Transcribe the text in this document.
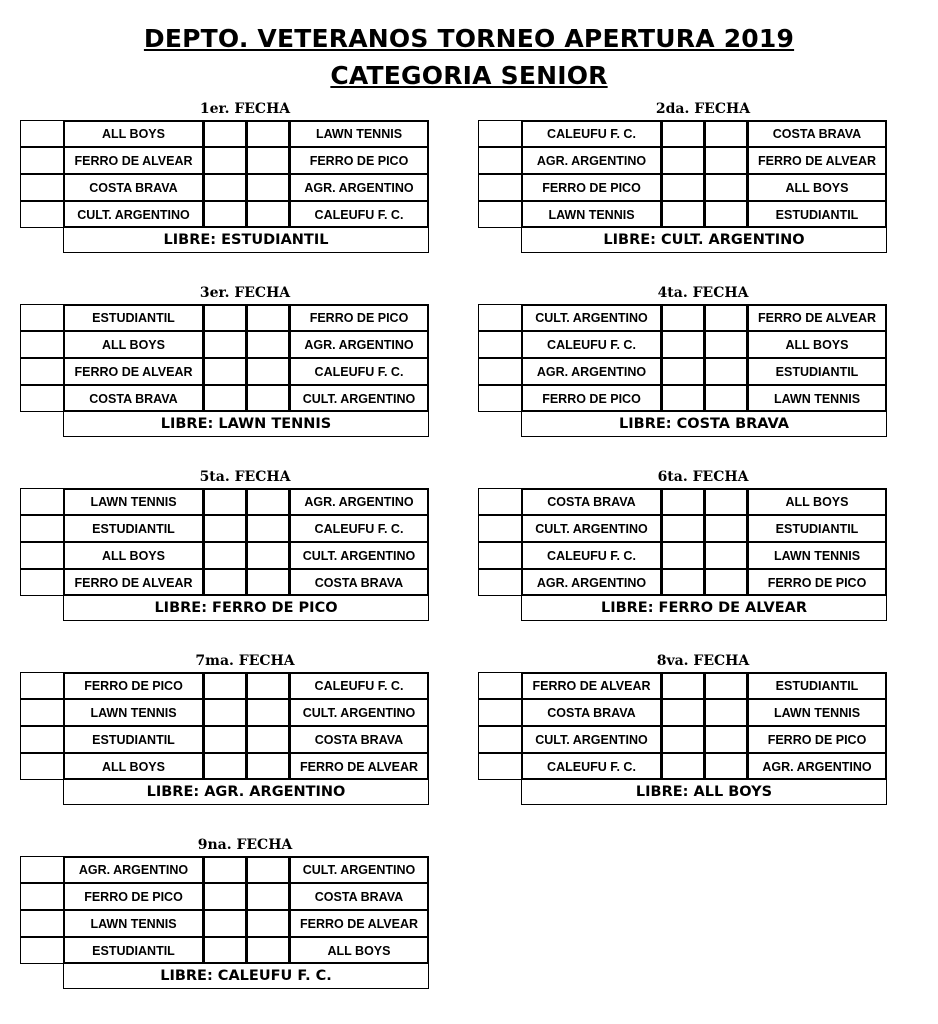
DEPTO. VETERANOS TORNEO APERTURA 2019
CATEGORIA SENIOR
1er. FECHA
ALL BOYS	LAWN TENNIS
FERRO DE ALVEAR	FERRO DE PICO
COSTA BRAVA	AGR. ARGENTINO
CULT. ARGENTINO	CALEUFU F. C.
LIBRE: ESTUDIANTIL
2da. FECHA
CALEUFU F. C.	COSTA BRAVA
AGR. ARGENTINO	FERRO DE ALVEAR
FERRO DE PICO	ALL BOYS
LAWN TENNIS	ESTUDIANTIL
LIBRE: CULT. ARGENTINO
3er. FECHA
ESTUDIANTIL	FERRO DE PICO
ALL BOYS	AGR. ARGENTINO
FERRO DE ALVEAR	CALEUFU F. C.
COSTA BRAVA	CULT. ARGENTINO
LIBRE: LAWN TENNIS
4ta. FECHA
CULT. ARGENTINO	FERRO DE ALVEAR
CALEUFU F. C.	ALL BOYS
AGR. ARGENTINO	ESTUDIANTIL
FERRO DE PICO	LAWN TENNIS
LIBRE: COSTA BRAVA
5ta. FECHA
LAWN TENNIS	AGR. ARGENTINO
ESTUDIANTIL	CALEUFU F. C.
ALL BOYS	CULT. ARGENTINO
FERRO DE ALVEAR	COSTA BRAVA
LIBRE: FERRO DE PICO
6ta. FECHA
COSTA BRAVA	ALL BOYS
CULT. ARGENTINO	ESTUDIANTIL
CALEUFU F. C.	LAWN TENNIS
AGR. ARGENTINO	FERRO DE PICO
LIBRE: FERRO DE ALVEAR
7ma. FECHA
FERRO DE PICO	CALEUFU F. C.
LAWN TENNIS	CULT. ARGENTINO
ESTUDIANTIL	COSTA BRAVA
ALL BOYS	FERRO DE ALVEAR
LIBRE: AGR. ARGENTINO
8va. FECHA
FERRO DE ALVEAR	ESTUDIANTIL
COSTA BRAVA	LAWN TENNIS
CULT. ARGENTINO	FERRO DE PICO
CALEUFU F. C.	AGR. ARGENTINO
LIBRE: ALL BOYS
9na. FECHA
AGR. ARGENTINO	CULT. ARGENTINO
FERRO DE PICO	COSTA BRAVA
LAWN TENNIS	FERRO DE ALVEAR
ESTUDIANTIL	ALL BOYS
LIBRE: CALEUFU F. C.
